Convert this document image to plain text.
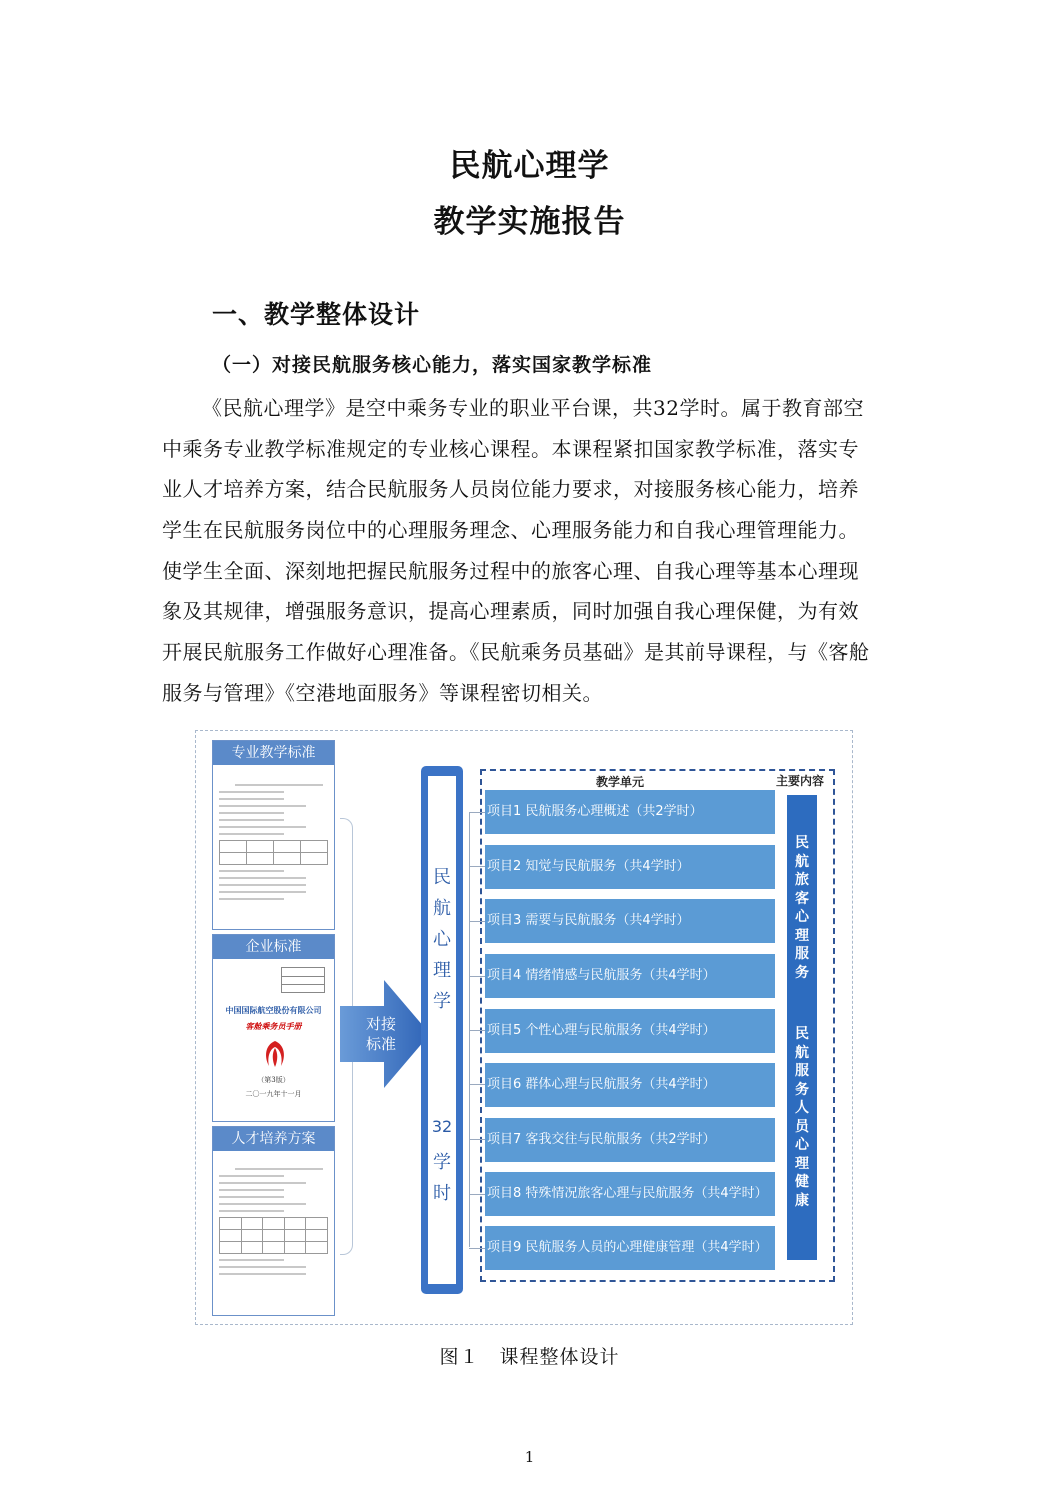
民航心理学
教学实施报告
一、教学整体设计
（一）对接民航服务核心能力，落实国家教学标准
《民航心理学》是空中乘务专业的职业平台课，共32学时。属于教育部空
中乘务专业教学标准规定的专业核心课程。本课程紧扣国家教学标准，落实专
业人才培养方案，结合民航服务人员岗位能力要求，对接服务核心能力，培养
学生在民航服务岗位中的心理服务理念、心理服务能力和自我心理管理能力。
使学生全面、深刻地把握民航服务过程中的旅客心理、自我心理等基本心理现
象及其规律，增强服务意识，提高心理素质，同时加强自我心理保健，为有效
开展民航服务工作做好心理准备。《民航乘务员基础》是其前导课程，与《客舱
服务与管理》《空港地面服务》等课程密切相关。
专业教学标准

企业标准
中国国际航空股份有限公司
客舱乘务员手册
（第3版）
二〇一九年十一月
人才培养方案

对接
标准
民
航
心
理
学
32
学
时
教学单元	主要内容
项目1 民航服务心理概述（共2学时）
项目2 知觉与民航服务（共4学时）
项目3 需要与民航服务（共4学时）
项目4 情绪情感与民航服务（共4学时）
项目5 个性心理与民航服务（共4学时）
项目6 群体心理与民航服务（共4学时）
项目7 客我交往与民航服务（共2学时）
项目8 特殊情况旅客心理与民航服务（共4学时）
项目9 民航服务人员的心理健康管理（共4学时）
民
航
旅
客
心
理
服
务
民
航
服
务
人
员
心
理
健
康
图１　课程整体设计
1
